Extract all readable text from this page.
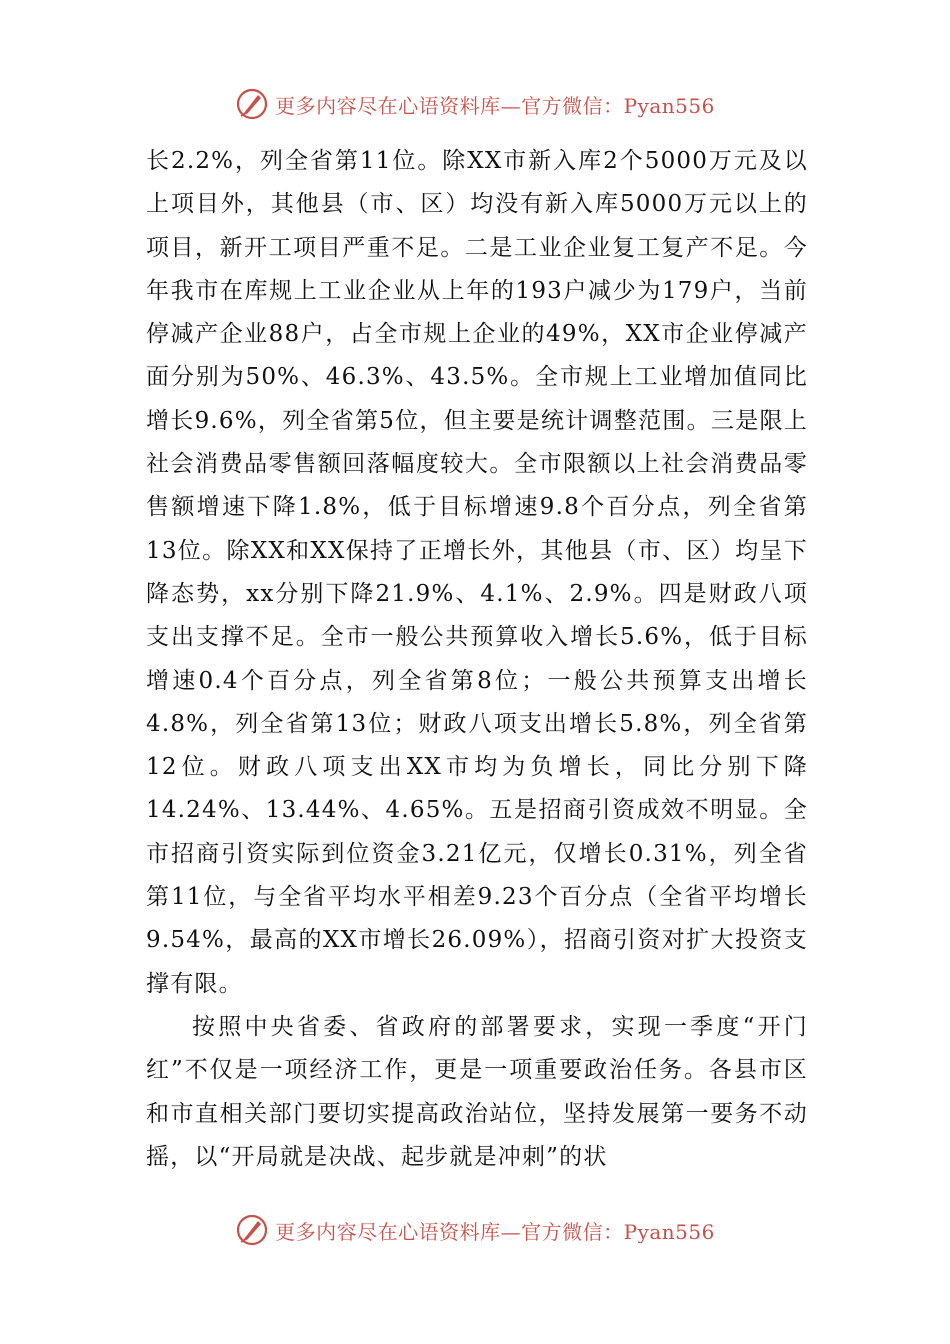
更多内容尽在心语资料库—官方微信：Pyan556

长2.2%，列全省第11位。除XX市新入库2个5000万元及以上项目外，其他县（市、区）均没有新入库5000万元以上的项目，新开工项目严重不足。二是工业企业复工复产不足。今年我市在库规上工业企业从上年的193户减少为179户，当前停减产企业88户，占全市规上企业的49%，XX市企业停减产面分别为50%、46.3%、43.5%。全市规上工业增加值同比增长9.6%，列全省第5位，但主要是统计调整范围。三是限上社会消费品零售额回落幅度较大。全市限额以上社会消费品零售额增速下降1.8%，低于目标增速9.8个百分点，列全省第13位。除XX和XX保持了正增长外，其他县（市、区）均呈下降态势，xx分别下降21.9%、4.1%、2.9%。四是财政八项支出支撑不足。全市一般公共预算收入增长5.6%，低于目标增速0.4个百分点，列全省第8位；一般公共预算支出增长4.8%，列全省第13位；财政八项支出增长5.8%，列全省第12位。财政八项支出XX市均为负增长，同比分别下降14.24%、13.44%、4.65%。五是招商引资成效不明显。全市招商引资实际到位资金3.21亿元，仅增长0.31%，列全省第11位，与全省平均水平相差9.23个百分点（全省平均增长9.54%，最高的XX市增长26.09%），招商引资对扩大投资支撑有限。

按照中央省委、省政府的部署要求，实现一季度“开门红”不仅是一项经济工作，更是一项重要政治任务。各县市区和市直相关部门要切实提高政治站位，坚持发展第一要务不动摇，以“开局就是决战、起步就是冲刺”的状

更多内容尽在心语资料库—官方微信：Pyan556
